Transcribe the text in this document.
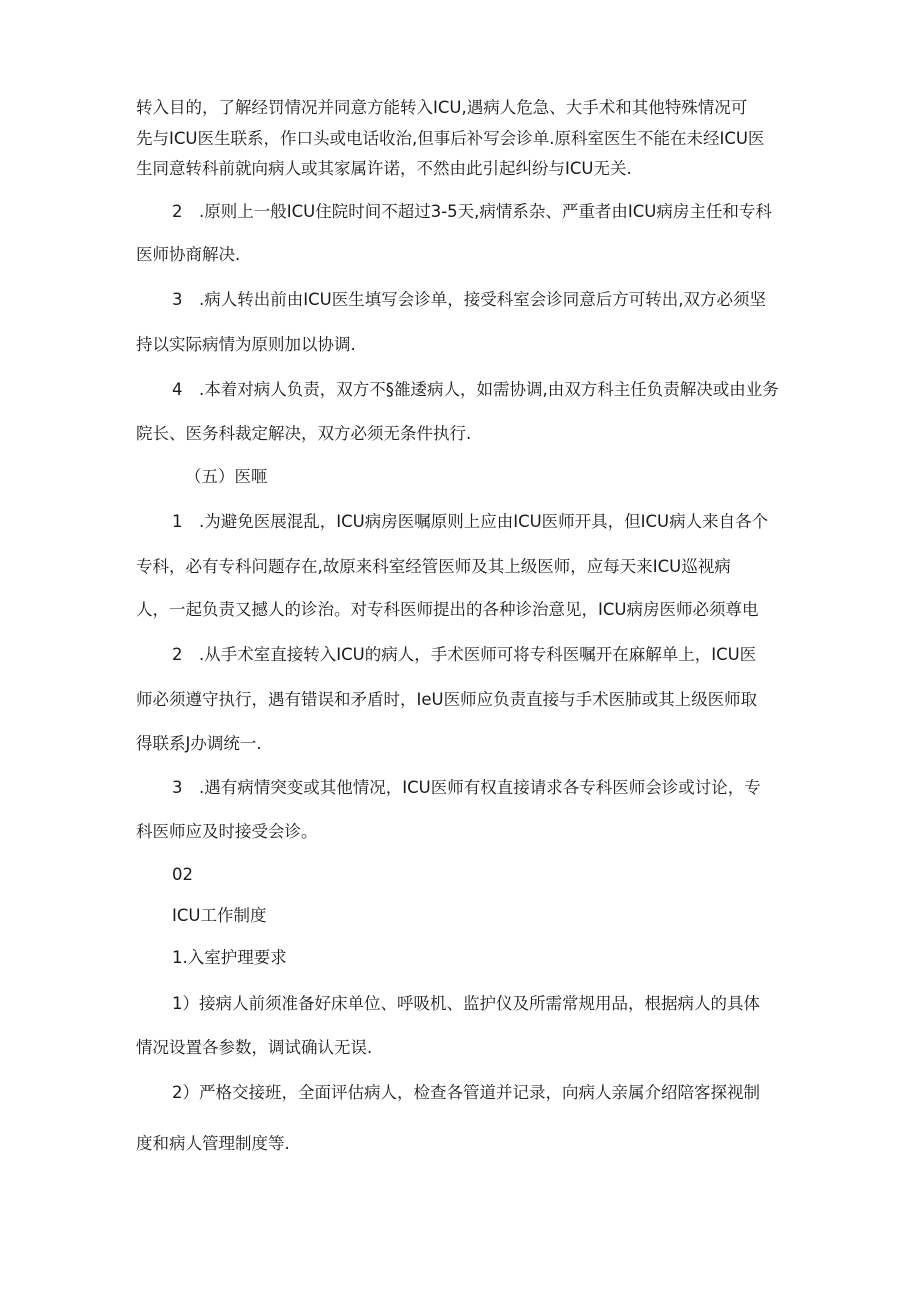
转入目的，了解经罚情况并同意方能转入ICU,遇病人危急、大手术和其他特殊情况可
先与ICU医生联系，作口头或电话收治,但事后补写会诊单.原科室医生不能在未经ICU医
生同意转科前就向病人或其家属许诺，不然由此引起纠纷与ICU无关.
2　.原则上一般ICU住院时间不超过3-5天,病情系杂、严重者由ICU病房主任和专科
医师协商解决.
3　.病人转出前由ICU医生填写会诊单，接受科室会诊同意后方可转出,双方必须坚
持以实际病情为原则加以协调.
4　.本着对病人负责，双方不§雒逶病人，如需协调,由双方科主任负责解决或由业务
院长、医务科裁定解决，双方必须无条件执行.
（五）医咂
1　.为避免医展混乱，ICU病房医嘱原则上应由ICU医师开具，但ICU病人来自各个
专科，必有专科问题存在,故原来科室经管医师及其上级医师，应每天来ICU巡视病
人，一起负责又撼人的诊治。对专科医师提出的各种诊治意见，ICU病房医师必须尊电
2　.从手术室直接转入ICU的病人，手术医师可将专科医嘱开在麻解单上，ICU医
师必须遵守执行，遇有错误和矛盾时，IeU医师应负责直接与手术医肺或其上级医师取
得联系J办调统一.
3　.遇有病情突变或其他情况，ICU医师有权直接请求各专科医师会诊或讨论，专
科医师应及时接受会诊。
02
ICU工作制度
1.入室护理要求
1）接病人前须准备好床单位、呼吸机、监护仪及所需常规用品，根据病人的具体
情况设置各参数，调试确认无误.
2）严格交接班，全面评估病人，检查各管道并记录，向病人亲属介绍陪客探视制
度和病人管理制度等.
